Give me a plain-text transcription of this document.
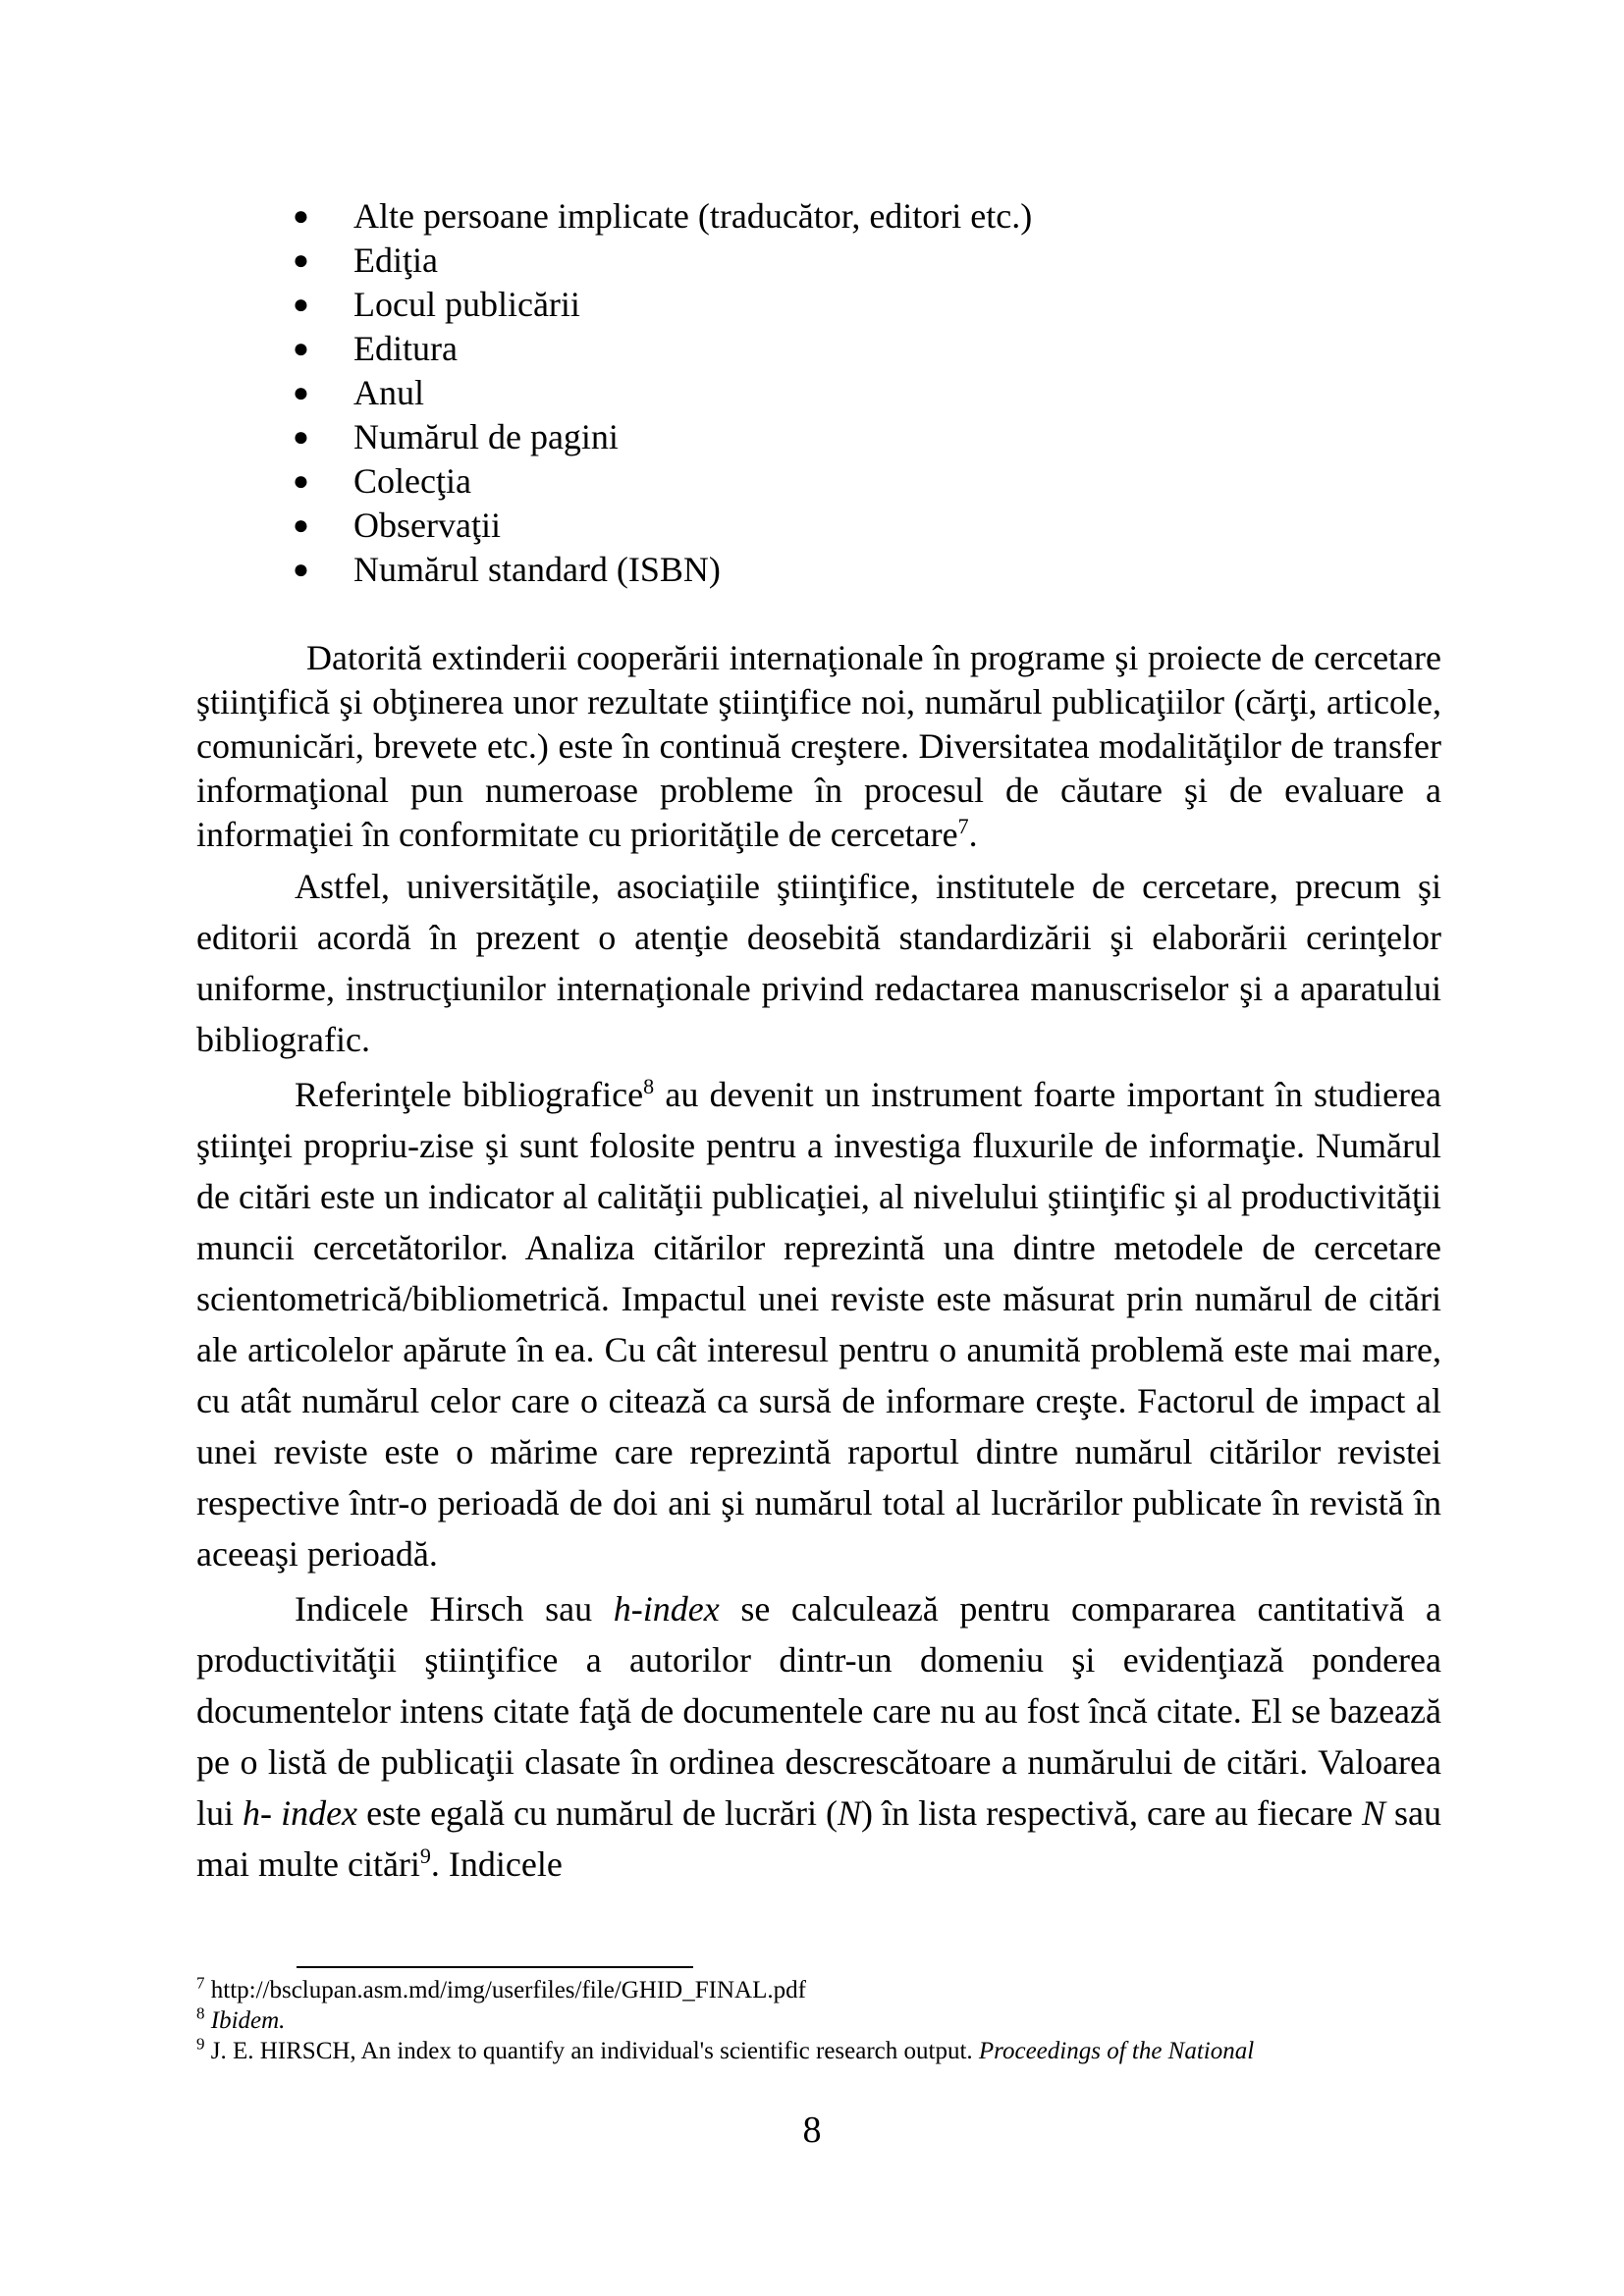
● Alte persoane implicate (traducător, editori etc.)
● Ediţia
● Locul publicării
● Editura
● Anul
● Numărul de pagini
● Colecţia
● Observaţii
● Numărul standard (ISBN)

Datorită extinderii cooperării internaţionale în programe şi proiecte de cercetare ştiinţifică şi obţinerea unor rezultate ştiinţifice noi, numărul publicaţiilor (cărţi, articole, comunicări, brevete etc.) este în continuă creştere. Diversitatea modalităţilor de transfer informaţional pun numeroase probleme în procesul de căutare şi de evaluare a informaţiei în conformitate cu priorităţile de cercetare$^7$.

Astfel, universităţile, asociaţiile ştiinţifice, institutele de cercetare, precum şi editorii acordă în prezent o atenţie deosebită standardizării şi elaborării cerinţelor uniforme, instrucţiunilor internaţionale privind redactarea manuscriselor şi a aparatului bibliografic.

Referinţele bibliografice$^8$ au devenit un instrument foarte important în studierea ştiinţei propriu-zise şi sunt folosite pentru a investiga fluxurile de informaţie. Numărul de citări este un indicator al calităţii publicaţiei, al nivelului ştiinţific şi al productivităţii muncii cercetătorilor. Analiza citărilor reprezintă una dintre metodele de cercetare scientometrică/bibliometrică. Impactul unei reviste este măsurat prin numărul de citări ale articolelor apărute în ea. Cu cât interesul pentru o anumită problemă este mai mare, cu atât numărul celor care o citează ca sursă de informare creşte. Factorul de impact al unei reviste este o mărime care reprezintă raportul dintre numărul citărilor revistei respective într-o perioadă de doi ani şi numărul total al lucrărilor publicate în revistă în aceeaşi perioadă.

Indicele Hirsch sau h-index se calculează pentru compararea cantitativă a productivităţii ştiinţifice a autorilor dintr-un domeniu şi evidenţiază ponderea documentelor intens citate faţă de documentele care nu au fost încă citate. El se bazează pe o listă de publicaţii clasate în ordinea descrescătoare a numărului de citări. Valoarea lui h- index este egală cu numărul de lucrări (N) în lista respectivă, care au fiecare N sau mai multe citări$^9$. Indicele

$^7$ http://bsclupan.asm.md/img/userfiles/file/GHID_FINAL.pdf

$^8$ Ibidem.

$^9$ J. E. HIRSCH, An index to quantify an individual's scientific research output. Proceedings of the National

8
